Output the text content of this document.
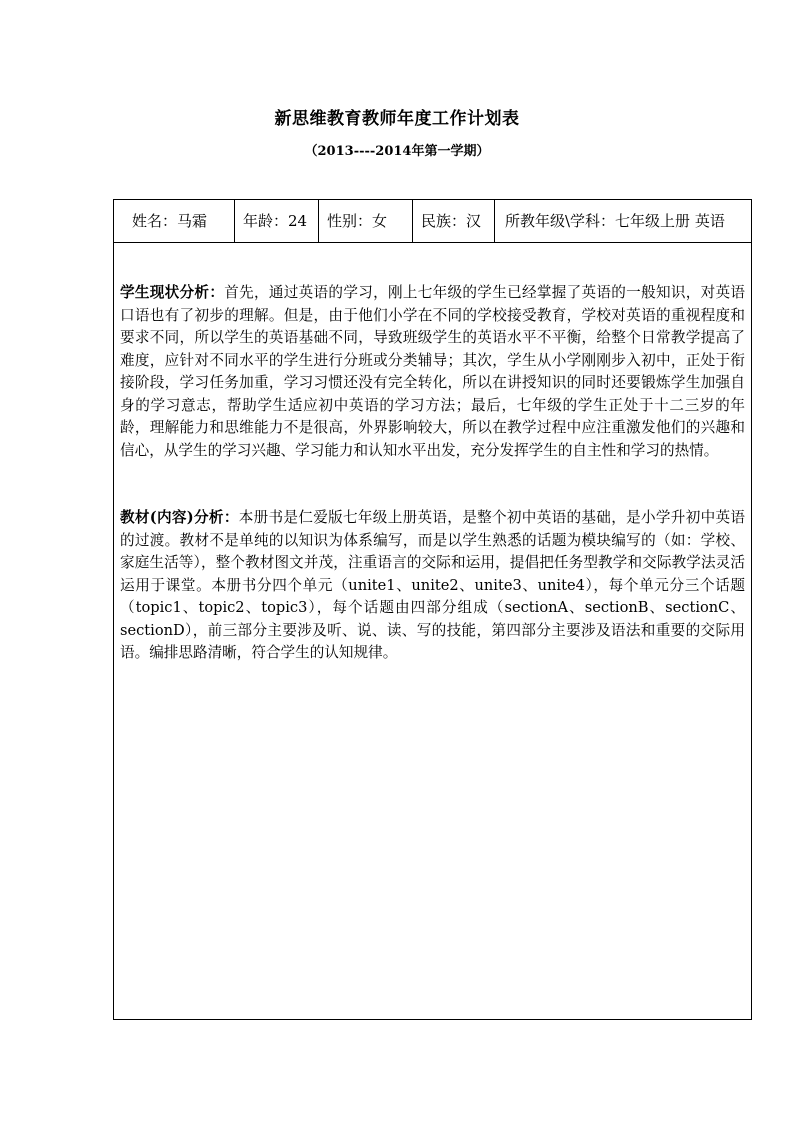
新思维教育教师年度工作计划表
（2013----2014年第一学期）
姓名：马霜	年龄：24	性别：女	民族：汉	所教年级\学科：七年级上册 英语

学生现状分析：首先，通过英语的学习，刚上七年级的学生已经掌握了英语的一般知识，对英语口语也有了初步的理解。但是，由于他们小学在不同的学校接受教育，学校对英语的重视程度和要求不同，所以学生的英语基础不同，导致班级学生的英语水平不平衡，给整个日常教学提高了难度，应针对不同水平的学生进行分班或分类辅导；其次，学生从小学刚刚步入初中，正处于衔接阶段，学习任务加重，学习习惯还没有完全转化，所以在讲授知识的同时还要锻炼学生加强自身的学习意志，帮助学生适应初中英语的学习方法；最后，七年级的学生正处于十二三岁的年龄，理解能力和思维能力不是很高，外界影响较大，所以在教学过程中应注重激发他们的兴趣和信心，从学生的学习兴趣、学习能力和认知水平出发，充分发挥学生的自主性和学习的热情。

教材(内容)分析：本册书是仁爱版七年级上册英语，是整个初中英语的基础，是小学升初中英语的过渡。教材不是单纯的以知识为体系编写，而是以学生熟悉的话题为模块编写的（如：学校、家庭生活等），整个教材图文并茂，注重语言的交际和运用，提倡把任务型教学和交际教学法灵活运用于课堂。本册书分四个单元（unite1、unite2、unite3、unite4），每个单元分三个话题（topic1、topic2、topic3），每个话题由四部分组成（sectionA、sectionB、sectionC、sectionD），前三部分主要涉及听、说、读、写的技能，第四部分主要涉及语法和重要的交际用语。编排思路清晰，符合学生的认知规律。
